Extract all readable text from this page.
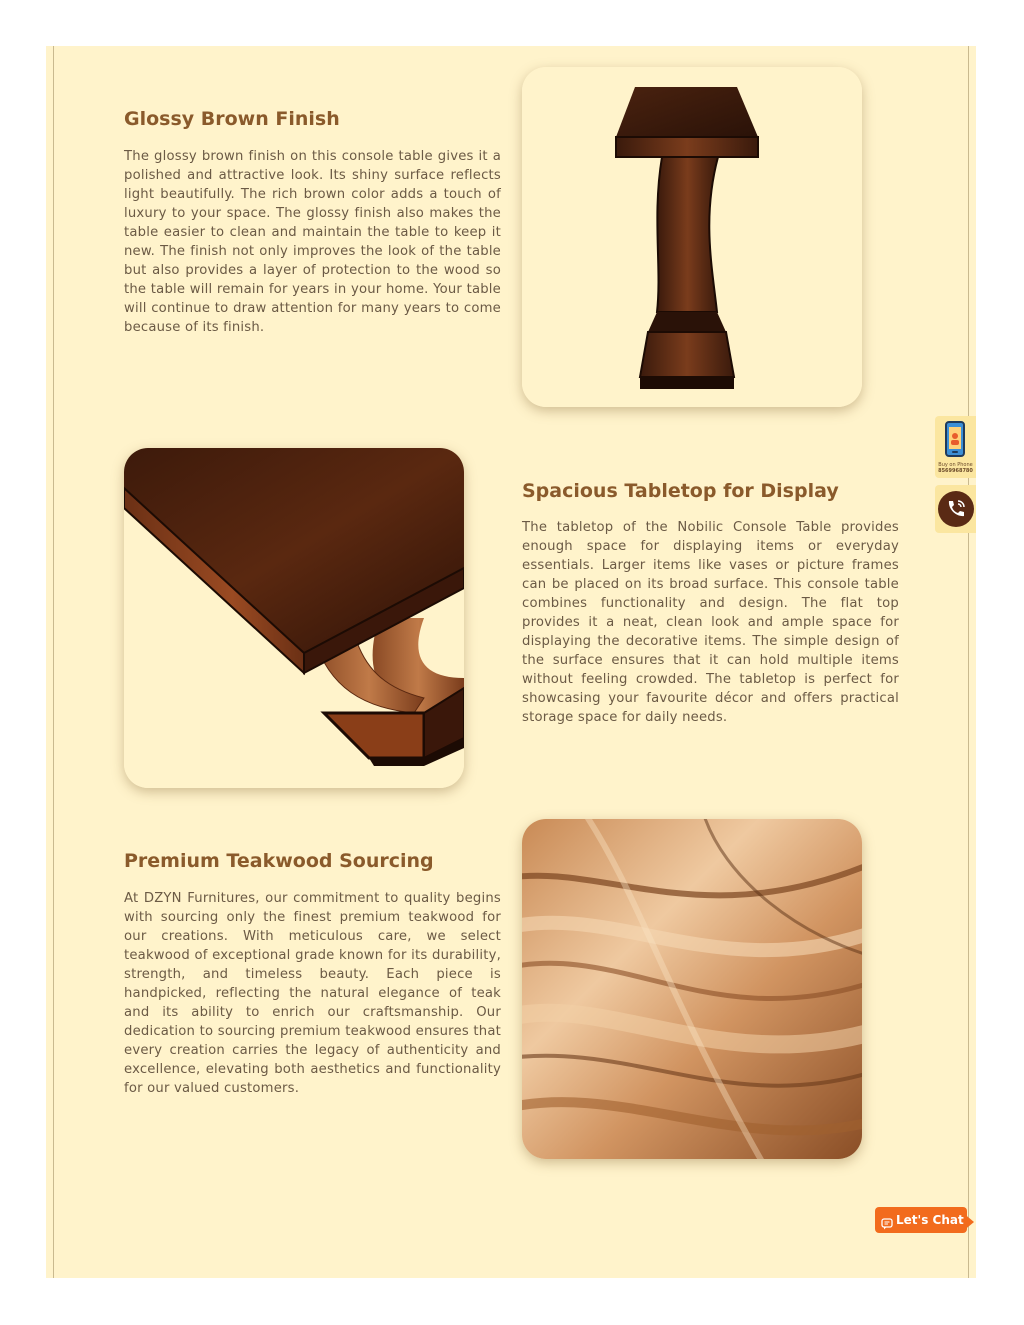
Glossy Brown Finish

The glossy brown finish on this console table gives it a polished and attractive look. Its shiny surface reflects light beautifully. The rich brown color adds a touch of luxury to your space. The glossy finish also makes the table easier to clean and maintain the table to keep it new. The finish not only improves the look of the table but also provides a layer of protection to the wood so the table will remain for years in your home. Your table will continue to draw attention for many years to come because of its finish.

Spacious Tabletop for Display

The tabletop of the Nobilic Console Table provides enough space for displaying items or everyday essentials. Larger items like vases or picture frames can be placed on its broad surface. This console table combines functionality and design. The flat top provides it a neat, clean look and ample space for displaying the decorative items. The simple design of the surface ensures that it can hold multiple items without feeling crowded. The tabletop is perfect for showcasing your favourite décor and offers practical storage space for daily needs.

Premium Teakwood Sourcing

At DZYN Furnitures, our commitment to quality begins with sourcing only the finest premium teakwood for our creations. With meticulous care, we select teakwood of exceptional grade known for its durability, strength, and timeless beauty. Each piece is handpicked, reflecting the natural elegance of teak and its ability to enrich our craftsmanship. Our dedication to sourcing premium teakwood ensures that every creation carries the legacy of authenticity and excellence, elevating both aesthetics and functionality for our valued customers.

Buy on Phone
8569968780
Let's Chat
